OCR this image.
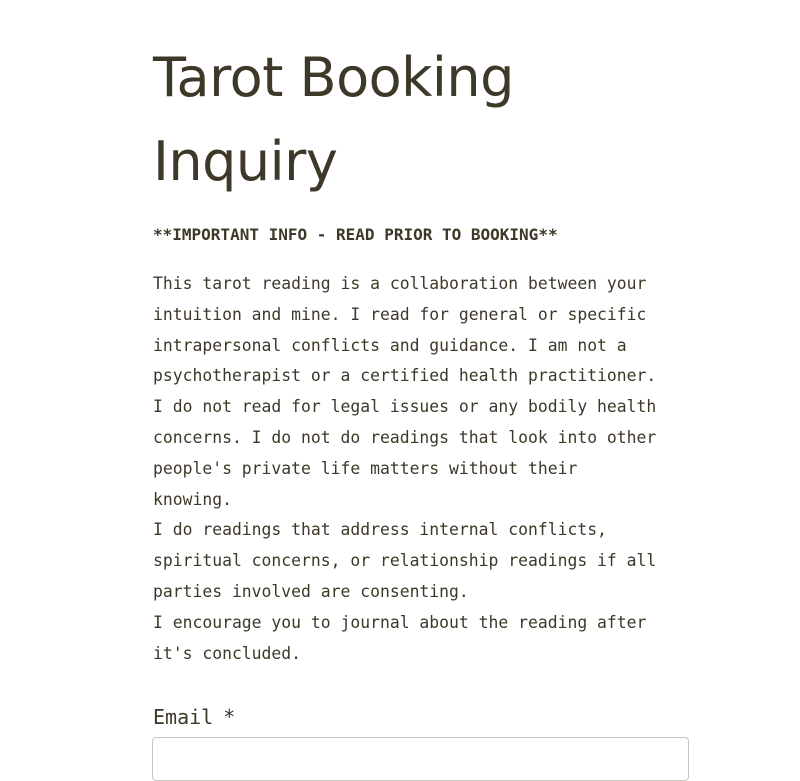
Tarot Booking
Inquiry
**IMPORTANT INFO - READ PRIOR TO BOOKING**

This tarot reading is a collaboration between your

intuition and mine. I read for general or specific

intrapersonal conflicts and guidance. I am not a

psychotherapist or a certified health practitioner.

I do not read for legal issues or any bodily health

concerns. I do not do readings that look into other

people's private life matters without their

knowing.

I do readings that address internal conflicts,

spiritual concerns, or relationship readings if all

parties involved are consenting.

I encourage you to journal about the reading after

it's concluded.

Email *
